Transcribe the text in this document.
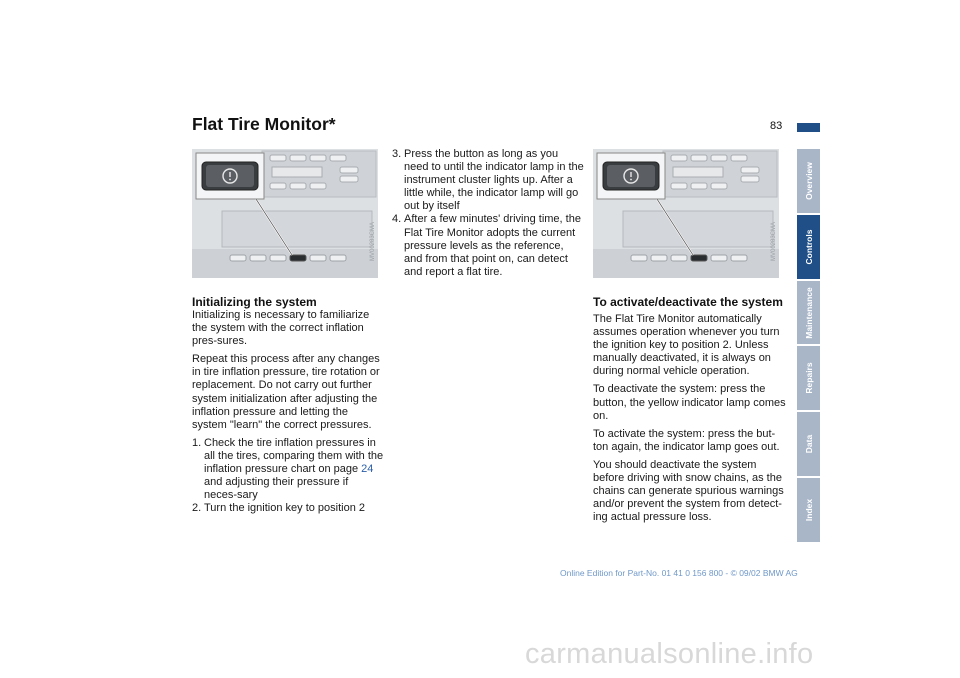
Flat Tire Monitor*	83
Overview
Controls
Maintenance
Repairs
Data
Index
MV00283CMA	MV00283CMA
Initializing the system

Initializing is necessary to familiarize the system with the correct inflation pres-sures.

Repeat this process after any changes in tire inflation pressure, tire rotation or replacement. Do not carry out further system initialization after adjusting the inflation pressure and letting the system "learn" the correct pressures.

1. Check the tire inflation pressures in all the tires, comparing them with the inflation pressure chart on page 24 and adjusting their pressure if neces-sary
2. Turn the ignition key to position 2
3. Press the button as long as you need to until the indicator lamp in the instrument cluster lights up. After a little while, the indicator lamp will go out by itself
4. After a few minutes' driving time, the Flat Tire Monitor adopts the current pressure levels as the reference, and from that point on, can detect and report a flat tire.
To activate/deactivate the system

The Flat Tire Monitor automatically assumes operation whenever you turn the ignition key to position 2. Unless manually deactivated, it is always on during normal vehicle operation.

To deactivate the system: press the button, the yellow indicator lamp comes on.

To activate the system: press the but-ton again, the indicator lamp goes out.

You should deactivate the system before driving with snow chains, as the chains can generate spurious warnings and/or prevent the system from detect-ing actual pressure loss.

Online Edition for Part-No. 01 41 0 156 800 - © 09/02 BMW AG
carmanualsonline.info
